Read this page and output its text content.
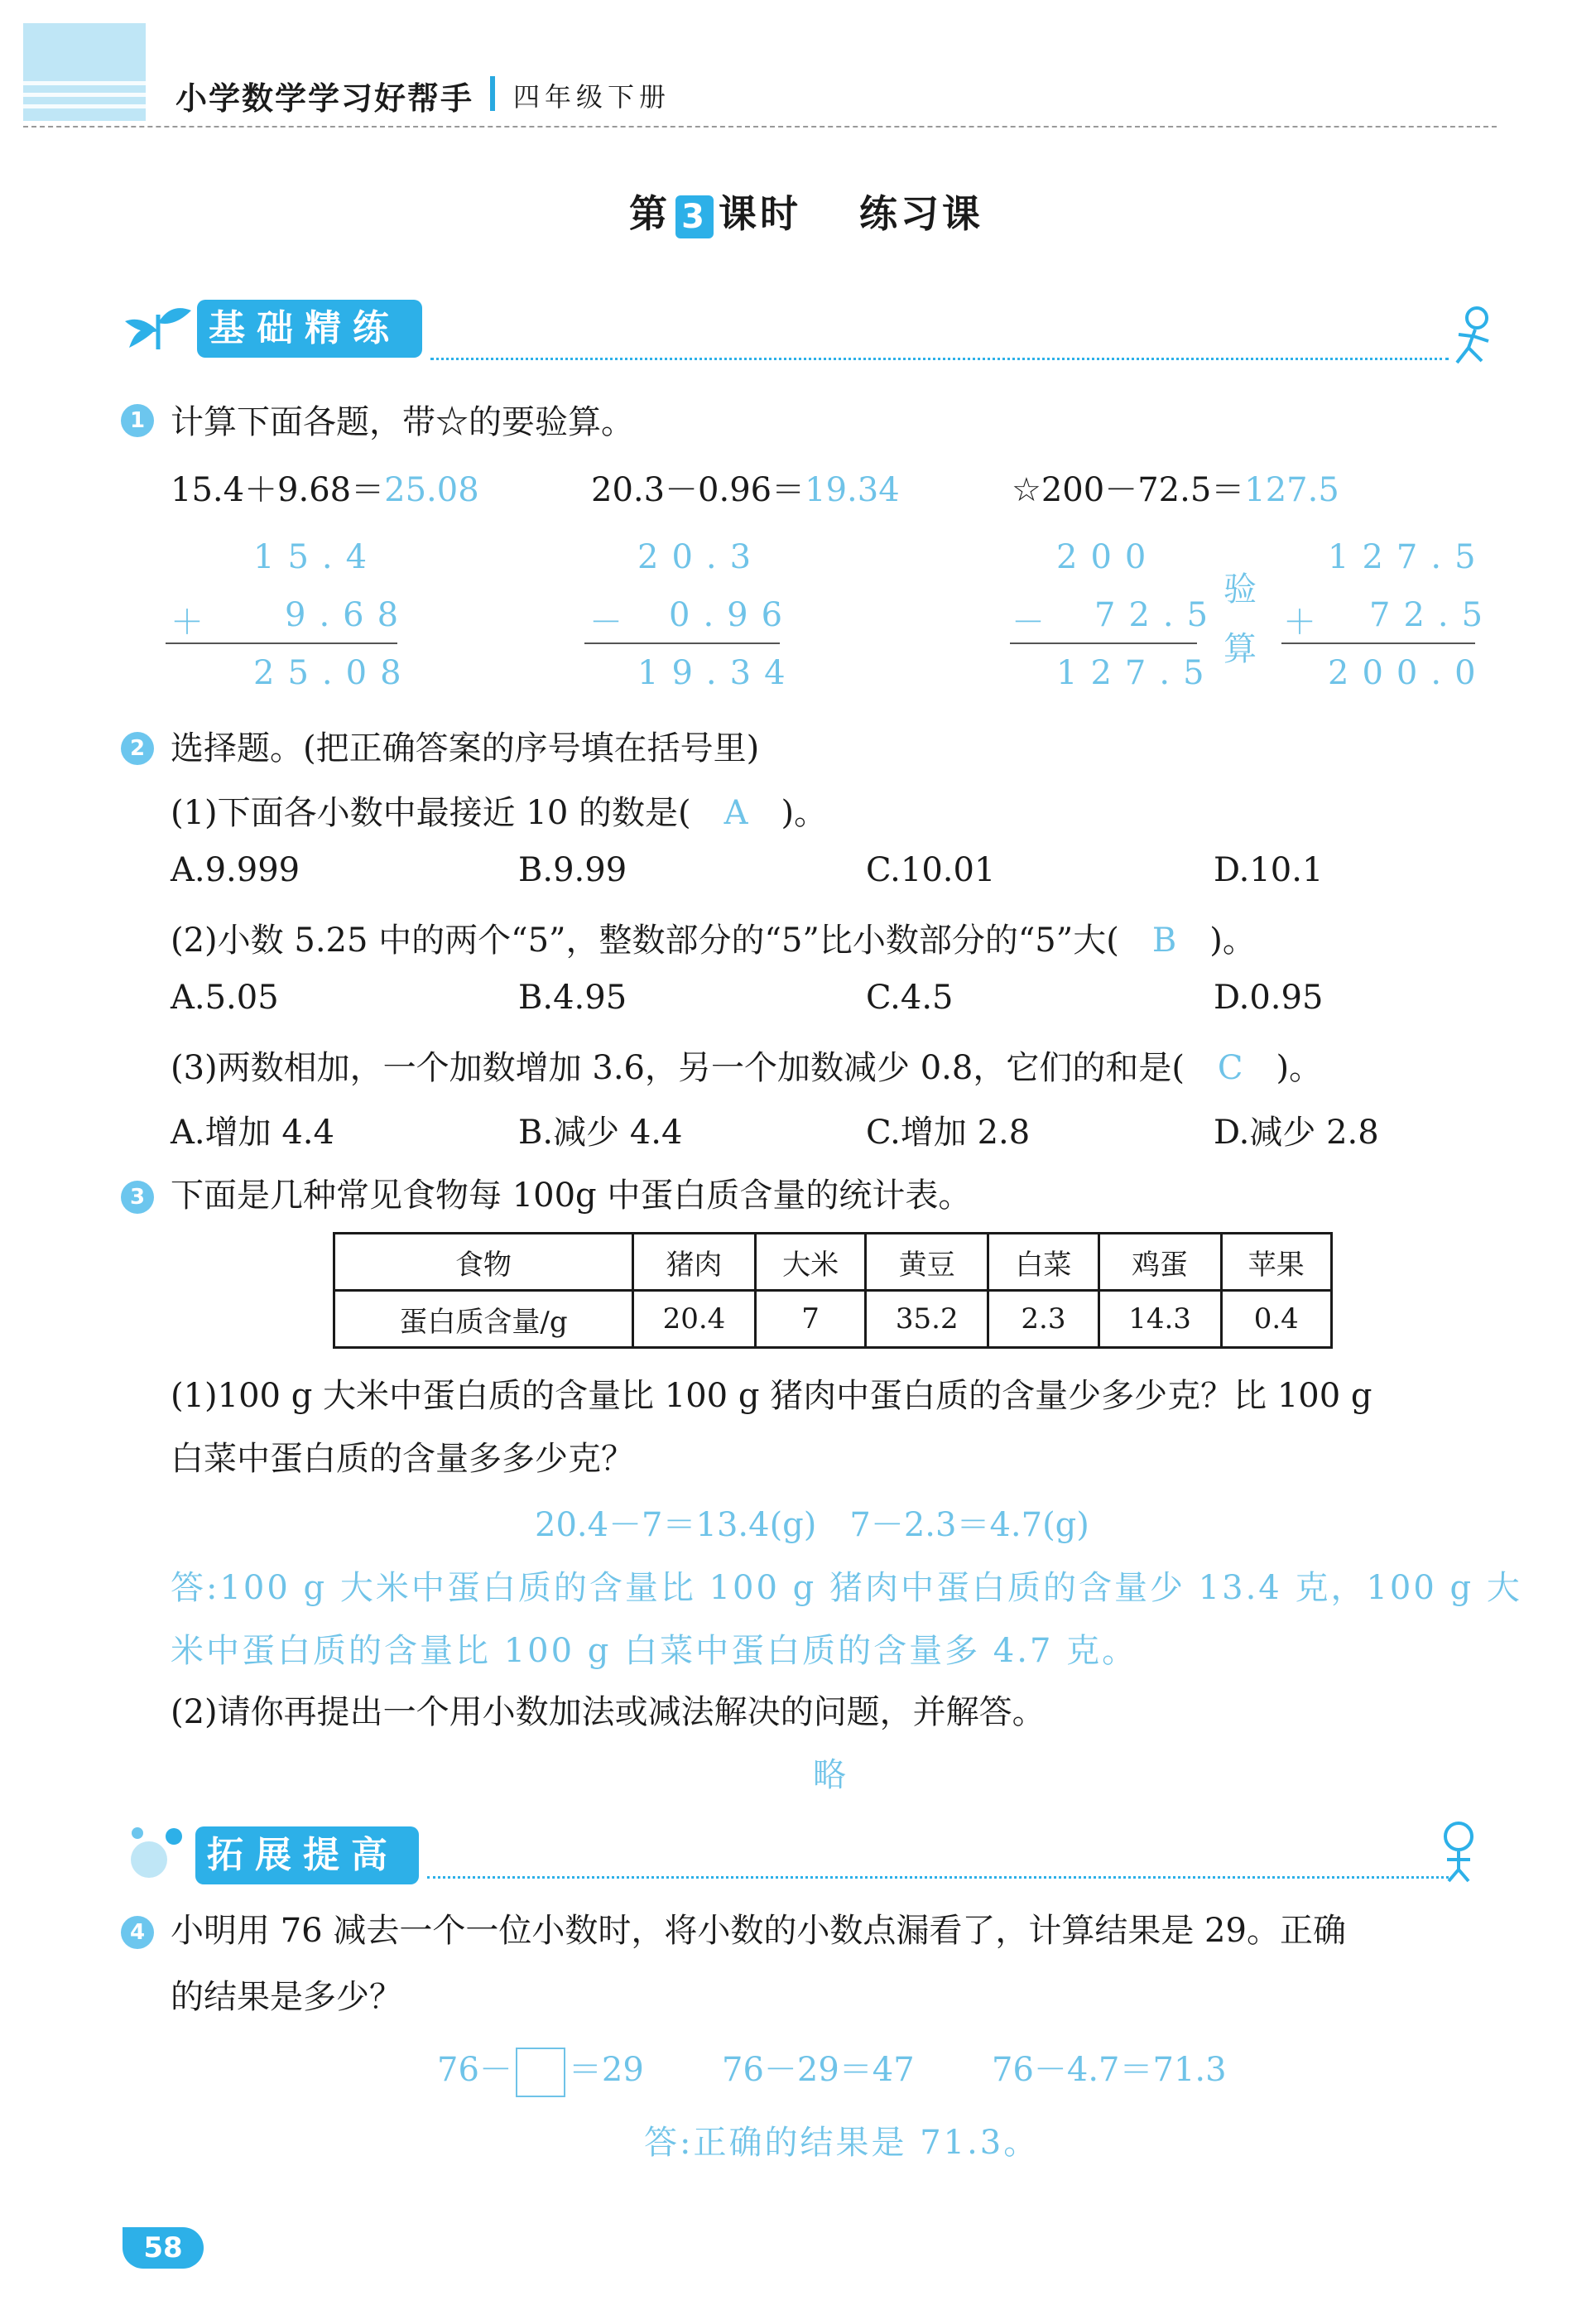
小学数学学习好帮手 四年级下册
第 3 课时 练习课
基础精练
1 计算下面各题，带☆的要验算。
15.4＋9.68＝25.08	20.3－0.96＝19.34	☆200－72.5＝127.5
15.4
＋ 9.68
25.08
20.3
－ 0.96
19.34
200
－ 72.5
127.5
验
算
127.5
＋ 72.5
200.0
2 选择题。(把正确答案的序号填在括号里)
(1)下面各小数中最接近 10 的数是( A )。
A.9.999	B.9.99	C.10.01	D.10.1
(2)小数 5.25 中的两个“5”，整数部分的“5”比小数部分的“5”大( B )。
A.5.05	B.4.95	C.4.5	D.0.95
(3)两数相加，一个加数增加 3.6，另一个加数减少 0.8，它们的和是( C )。
A.增加 4.4	B.减少 4.4	C.增加 2.8	D.减少 2.8
3 下面是几种常见食物每 100g 中蛋白质含量的统计表。
食物	猪肉	大米	黄豆	白菜	鸡蛋	苹果
蛋白质含量/g	20.4	7	35.2	2.3	14.3	0.4
(1)100 g 大米中蛋白质的含量比 100 g 猪肉中蛋白质的含量少多少克？比 100 g
白菜中蛋白质的含量多多少克？
20.4－7＝13.4(g)　7－2.3＝4.7(g)
答:100 g 大米中蛋白质的含量比 100 g 猪肉中蛋白质的含量少 13.4 克，100 g 大
米中蛋白质的含量比 100 g 白菜中蛋白质的含量多 4.7 克。
(2)请你再提出一个用小数加法或减法解决的问题，并解答。
略
拓展提高
4 小明用 76 减去一个一位小数时，将小数的小数点漏看了，计算结果是 29。正确
的结果是多少？
76－ ＝29 76－29＝47 76－4.7＝71.3
答:正确的结果是 71.3。
58
